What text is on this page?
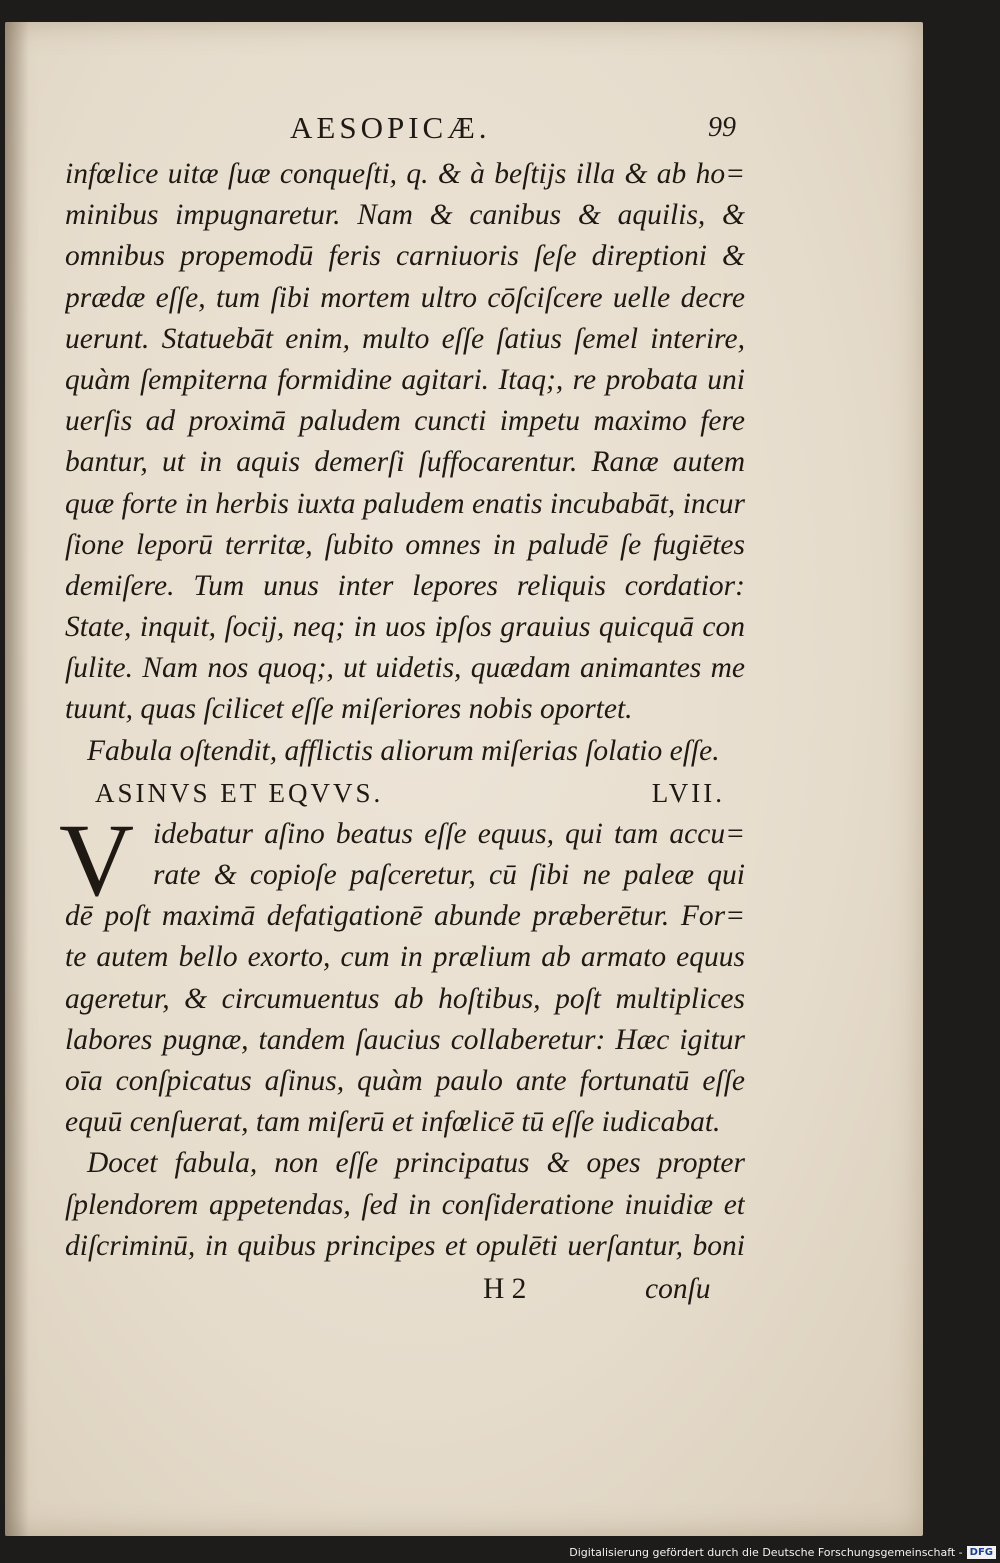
AESOPICÆ.	99
infœlice uitæ ſuæ conqueſti, q. & à beſtijs illa & ab ho=
minibus impugnaretur. Nam & canibus & aquilis, &
omnibus propemodū feris carniuoris ſeſe direptioni &
prædæ eſſe, tum ſibi mortem ultro cōſciſcere uelle decre
uerunt. Statuebāt enim, multo eſſe ſatius ſemel interire,
quàm ſempiterna formidine agitari. Itaq;, re probata uni
uerſis ad proximā paludem cuncti impetu maximo fere
bantur, ut in aquis demerſi ſuffocarentur. Ranæ autem
quæ forte in herbis iuxta paludem enatis incubabāt, incur
ſione leporū territæ, ſubito omnes in paludē ſe fugiētes
demiſere. Tum unus inter lepores reliquis cordatior:
State, inquit, ſocij, neq; in uos ipſos grauius quicquā con
ſulite. Nam nos quoq;, ut uidetis, quædam animantes me
tuunt, quas ſcilicet eſſe miſeriores nobis oportet.
Fabula oſtendit, afflictis aliorum miſerias ſolatio eſſe.
ASINVS ET EQVVS.	LVII.
V idebatur aſino beatus eſſe equus, qui tam accu=
rate & copioſe paſceretur, cū ſibi ne paleæ qui
dē poſt maximā defatigationē abunde præberētur. For=
te autem bello exorto, cum in prælium ab armato equus
ageretur, & circumuentus ab hoſtibus, poſt multiplices
labores pugnæ, tandem ſaucius collaberetur: Hæc igitur
oīa conſpicatus aſinus, quàm paulo ante fortunatū eſſe
equū cenſuerat, tam miſerū et infœlicē tū eſſe iudicabat.
Docet fabula, non eſſe principatus & opes propter
ſplendorem appetendas, ſed in conſideratione inuidiæ et
diſcriminū, in quibus principes et opulēti uerſantur, boni
H 2	conſu
Digitalisierung gefördert durch die Deutsche Forschungsgemeinschaft - DFG
